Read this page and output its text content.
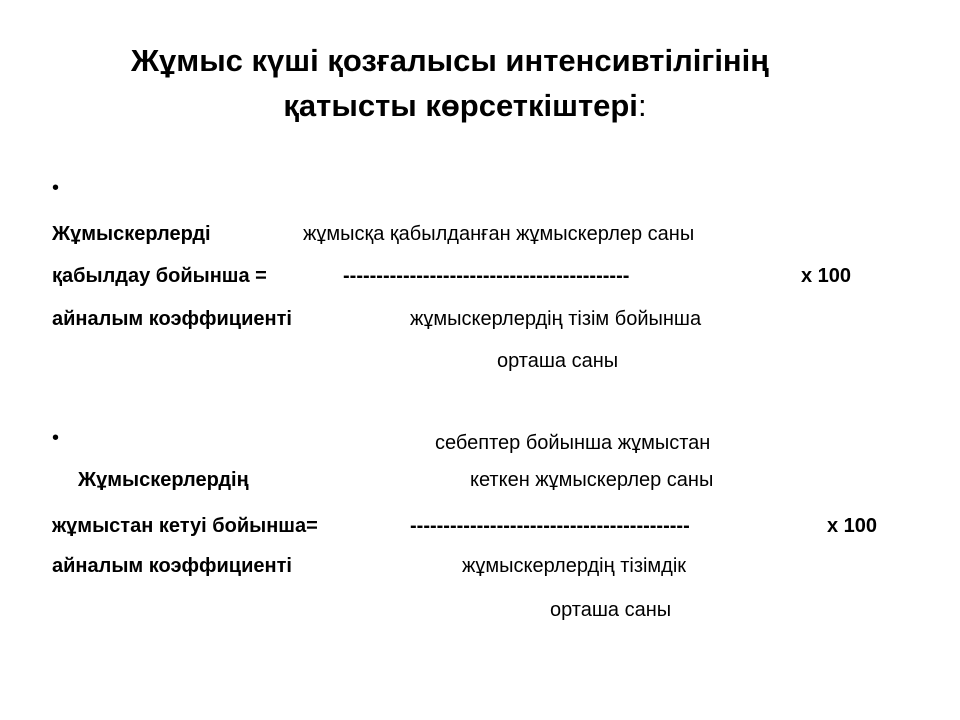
Жұмыс күші қозғалысы интенсивтілігінің
қатысты көрсеткіштері:
•
Жұмыскерлерді	жұмысқа қабылданған жұмыскерлер саны
қабылдау бойынша =	-------------------------------------------	х 100
айналым коэффициенті	жұмыскерлердің тізім бойынша
орташа саны
•	себептер бойынша жұмыстан
Жұмыскерлердің	кеткен жұмыскерлер саны
жұмыстан кетуі бойынша=	------------------------------------------	х 100
айналым коэффициенті	жұмыскерлердің тізімдік
орташа саны
